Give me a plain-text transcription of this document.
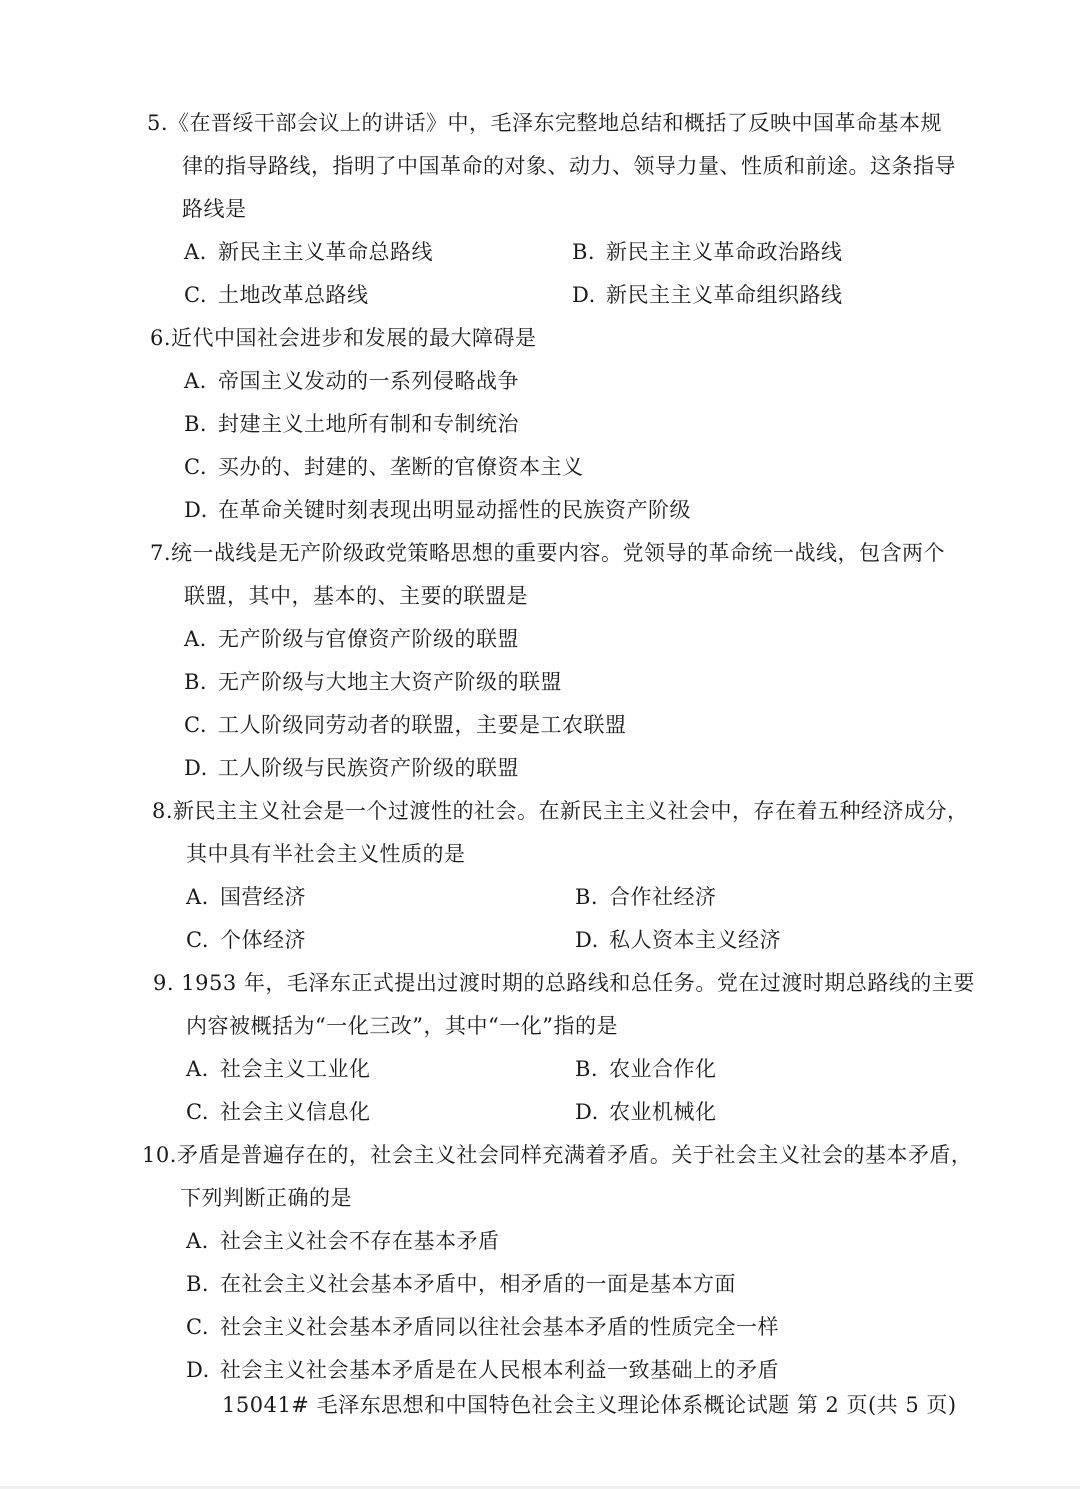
5.《在晋绥干部会议上的讲话》中，毛泽东完整地总结和概括了反映中国革命基本规
律的指导路线，指明了中国革命的对象、动力、领导力量、性质和前途。这条指导
路线是
A. 新民主主义革命总路线	B. 新民主主义革命政治路线
C. 土地改革总路线	D. 新民主主义革命组织路线
6.近代中国社会进步和发展的最大障碍是
A. 帝国主义发动的一系列侵略战争
B. 封建主义土地所有制和专制统治
C. 买办的、封建的、垄断的官僚资本主义
D. 在革命关键时刻表现出明显动摇性的民族资产阶级
7.统一战线是无产阶级政党策略思想的重要内容。党领导的革命统一战线，包含两个
联盟，其中，基本的、主要的联盟是
A. 无产阶级与官僚资产阶级的联盟
B. 无产阶级与大地主大资产阶级的联盟
C. 工人阶级同劳动者的联盟，主要是工农联盟
D. 工人阶级与民族资产阶级的联盟
8.新民主主义社会是一个过渡性的社会。在新民主主义社会中，存在着五种经济成分，
其中具有半社会主义性质的是
A. 国营经济	B. 合作社经济
C. 个体经济	D. 私人资本主义经济
9. 1953 年，毛泽东正式提出过渡时期的总路线和总任务。党在过渡时期总路线的主要
内容被概括为“一化三改”，其中“一化”指的是
A. 社会主义工业化	B. 农业合作化
C. 社会主义信息化	D. 农业机械化
10.矛盾是普遍存在的，社会主义社会同样充满着矛盾。关于社会主义社会的基本矛盾，
下列判断正确的是
A. 社会主义社会不存在基本矛盾
B. 在社会主义社会基本矛盾中，相矛盾的一面是基本方面
C. 社会主义社会基本矛盾同以往社会基本矛盾的性质完全一样
D. 社会主义社会基本矛盾是在人民根本利益一致基础上的矛盾
15041# 毛泽东思想和中国特色社会主义理论体系概论试题 第 2 页(共 5 页)
